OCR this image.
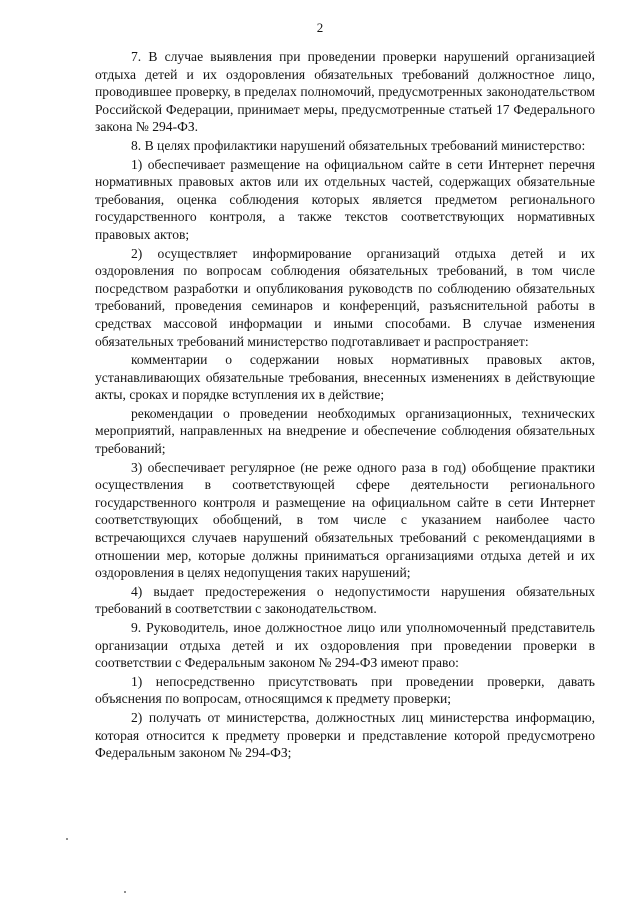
2

7. В случае выявления при проведении проверки нарушений организацией отдыха детей и их оздоровления обязательных требований должностное лицо, проводившее проверку, в пределах полномочий, предусмотренных законодательством Российской Федерации, принимает меры, предусмотренные статьей 17 Федерального закона № 294-ФЗ.

8. В целях профилактики нарушений обязательных требований министерство:

1) обеспечивает размещение на официальном сайте в сети Интернет перечня нормативных правовых актов или их отдельных частей, содержащих обязательные требования, оценка соблюдения которых является предметом регионального государственного контроля, а также текстов соответствующих нормативных правовых актов;

2) осуществляет информирование организаций отдыха детей и их оздоровления по вопросам соблюдения обязательных требований, в том числе посредством разработки и опубликования руководств по соблюдению обязательных требований, проведения семинаров и конференций, разъяснительной работы в средствах массовой информации и иными способами. В случае изменения обязательных требований министерство подготавливает и распространяет:

комментарии о содержании новых нормативных правовых актов, устанавливающих обязательные требования, внесенных изменениях в действующие акты, сроках и порядке вступления их в действие;

рекомендации о проведении необходимых организационных, технических мероприятий, направленных на внедрение и обеспечение соблюдения обязательных требований;

3) обеспечивает регулярное (не реже одного раза в год) обобщение практики осуществления в соответствующей сфере деятельности регионального государственного контроля и размещение на официальном сайте в сети Интернет соответствующих обобщений, в том числе с указанием наиболее часто встречающихся случаев нарушений обязательных требований с рекомендациями в отношении мер, которые должны приниматься организациями отдыха детей и их оздоровления в целях недопущения таких нарушений;

4) выдает предостережения о недопустимости нарушения обязательных требований в соответствии с законодательством.

9. Руководитель, иное должностное лицо или уполномоченный представитель организации отдыха детей и их оздоровления при проведении проверки в соответствии с Федеральным законом № 294-ФЗ имеют право:

1) непосредственно присутствовать при проведении проверки, давать объяснения по вопросам, относящимся к предмету проверки;

2) получать от министерства, должностных лиц министерства информацию, которая относится к предмету проверки и представление которой предусмотрено Федеральным законом № 294-ФЗ;
